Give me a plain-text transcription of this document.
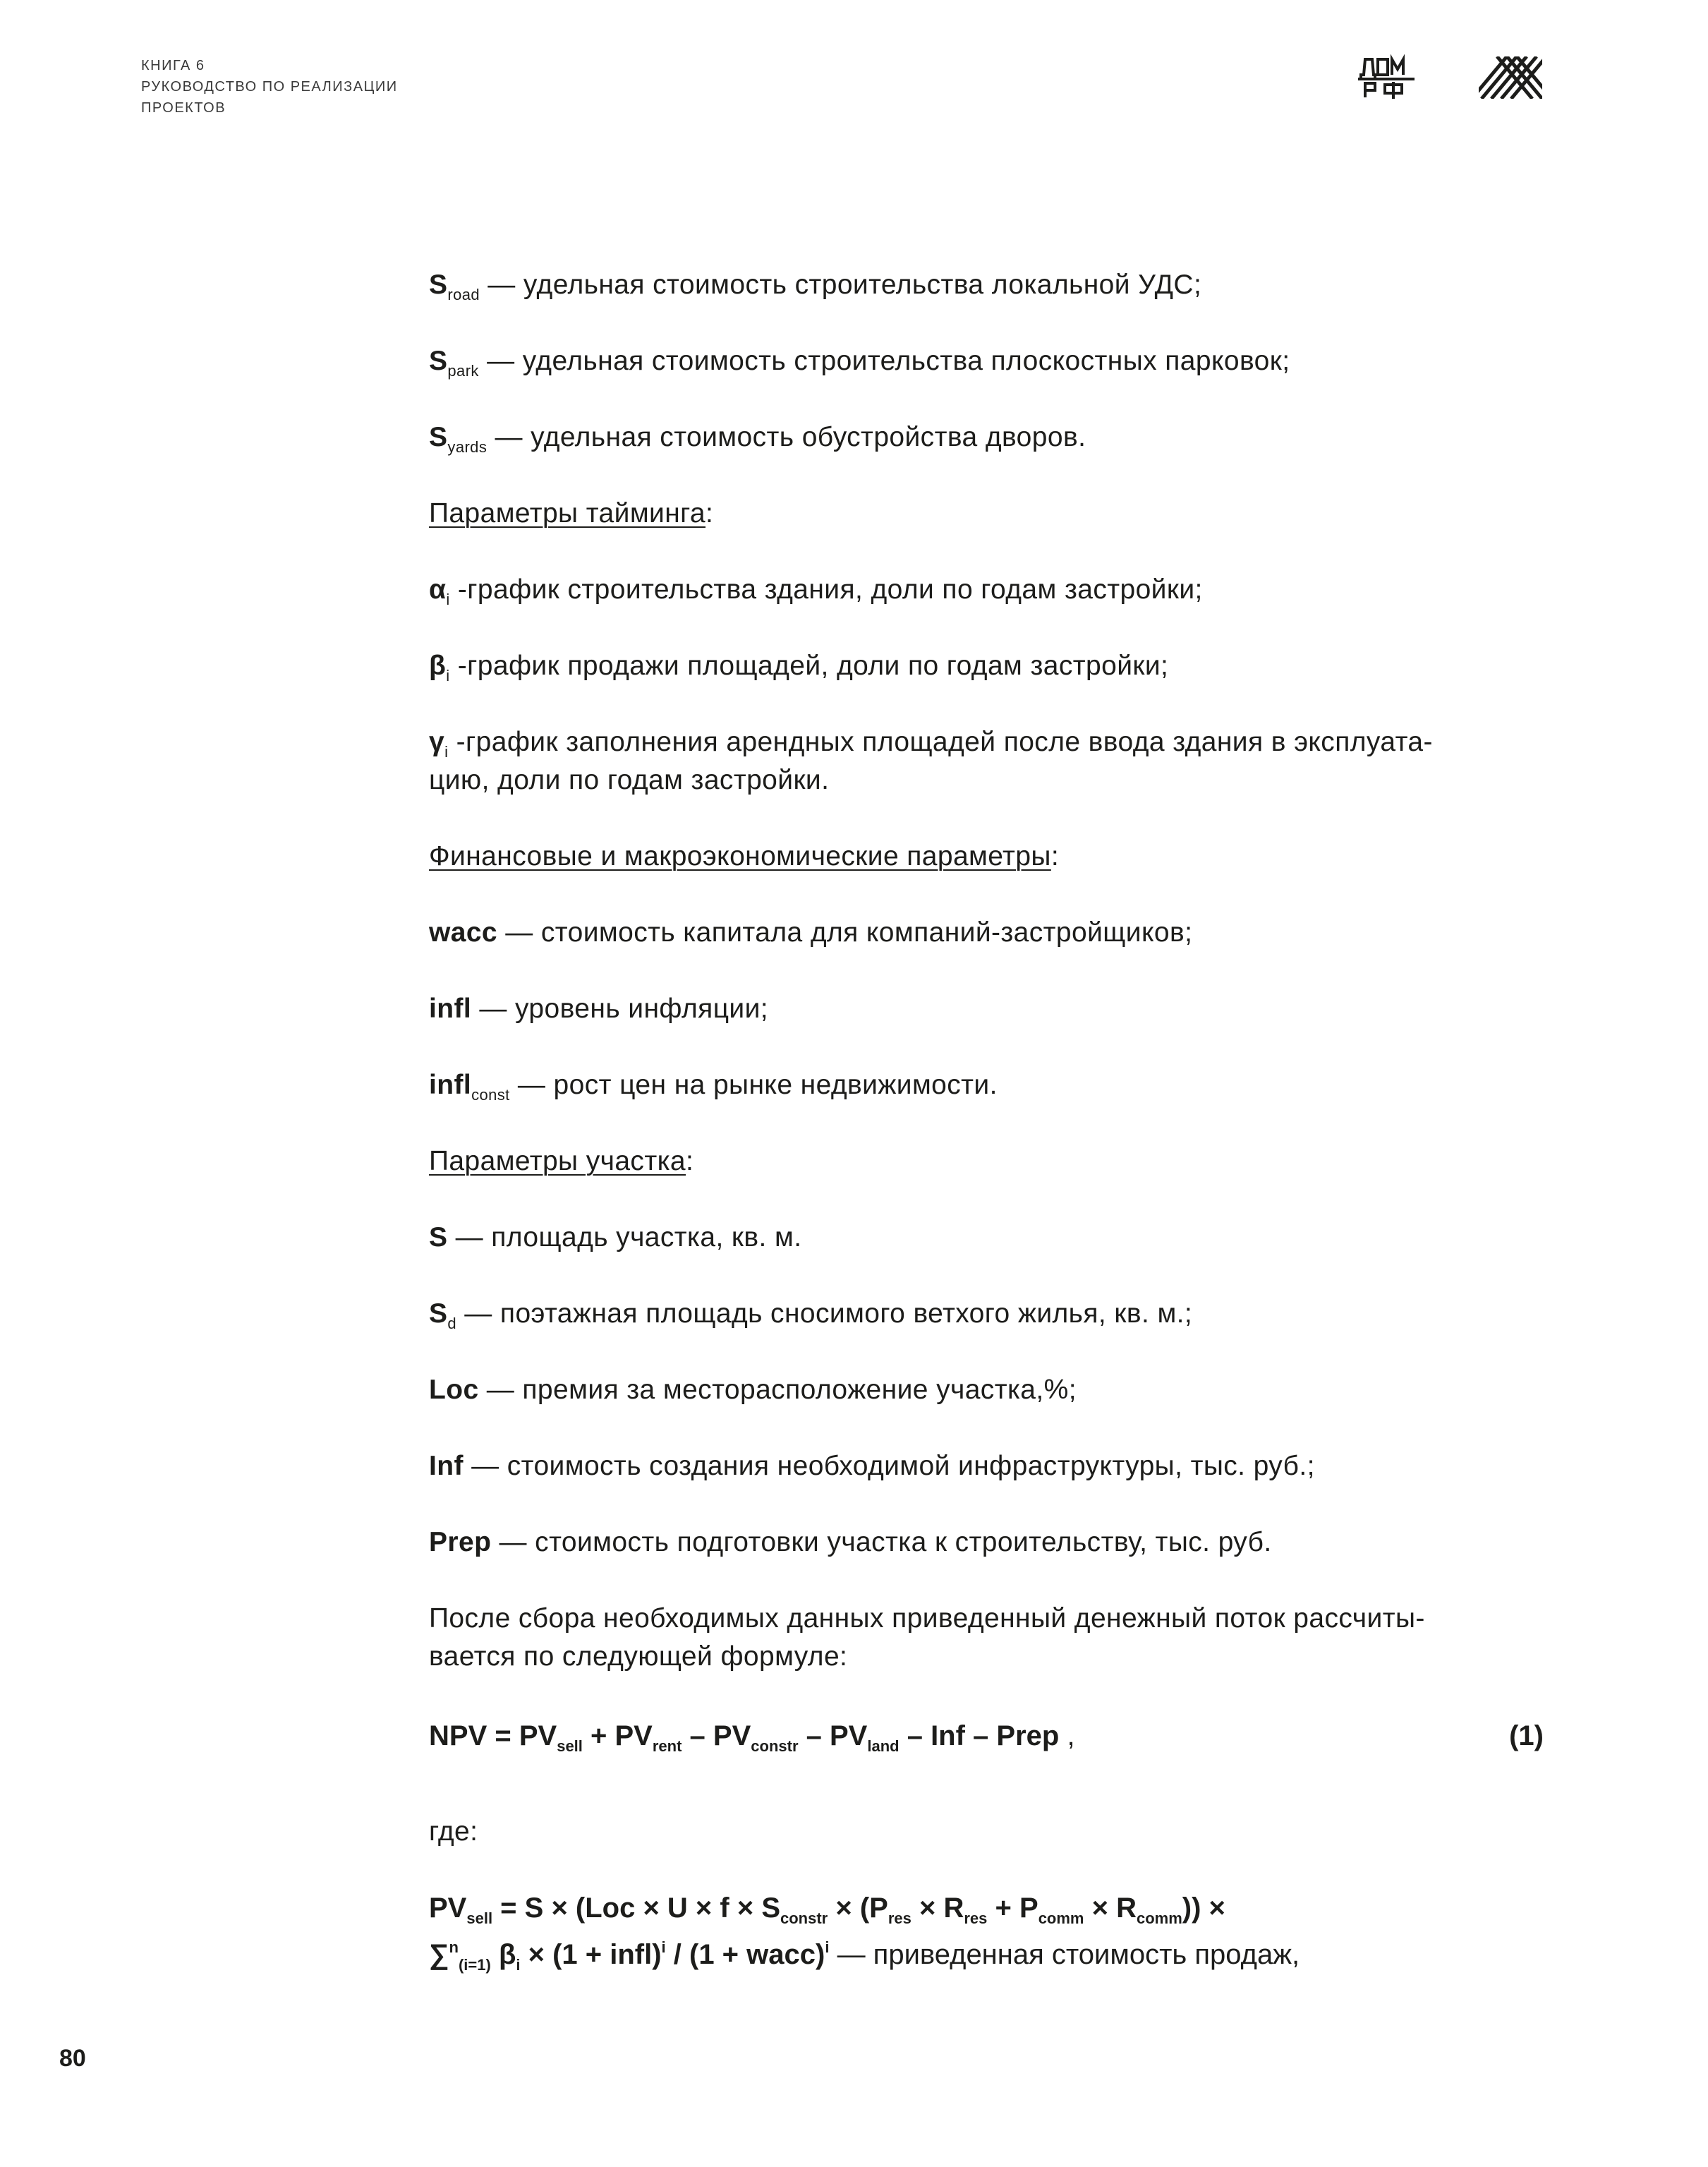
КНИГА 6
РУКОВОДСТВО ПО РЕАЛИЗАЦИИ
ПРОЕКТОВ
$S_{road}$ — удельная стоимость строительства локальной УДС;
$S_{park}$ — удельная стоимость строительства плоскостных парковок;
$S_{yards}$ — удельная стоимость обустройства дворов.
Параметры тайминга:
$\alpha_i$ -график строительства здания, доли по годам застройки;
$\beta_i$ -график продажи площадей, доли по годам застройки;
$\gamma_i$ -график заполнения арендных площадей после ввода здания в эксплуата-
цию, доли по годам застройки.
Финансовые и макроэкономические параметры:
wacc — стоимость капитала для компаний-застройщиков;
infl — уровень инфляции;
infl$_{const}$ — рост цен на рынке недвижимости.
Параметры участка:
S — площадь участка, кв. м.
$S_d$ — поэтажная площадь сносимого ветхого жилья, кв. м.;
Loc — премия за месторасположение участка,%;
Inf — стоимость создания необходимой инфраструктуры, тыс. руб.;
Prep — стоимость подготовки участка к строительству, тыс. руб.
После сбора необходимых данных приведенный денежный поток рассчиты-
вается по следующей формуле:
NPV = $PV_{sell} + PV_{rent} - PV_{constr} - PV_{land}$ – Inf – Prep ,	(1)
где:
$PV_{sell} = S \times (Loc \times U \times f \times S_{constr} \times (P_{res} \times R_{res} + P_{comm} \times R_{comm}))$ ×
∑$^n_{(i=1)}$ $\beta_i \times (1$ + infl)$^i$ / (1 + wacc)$^i$ — приведенная стоимость продаж,
80
